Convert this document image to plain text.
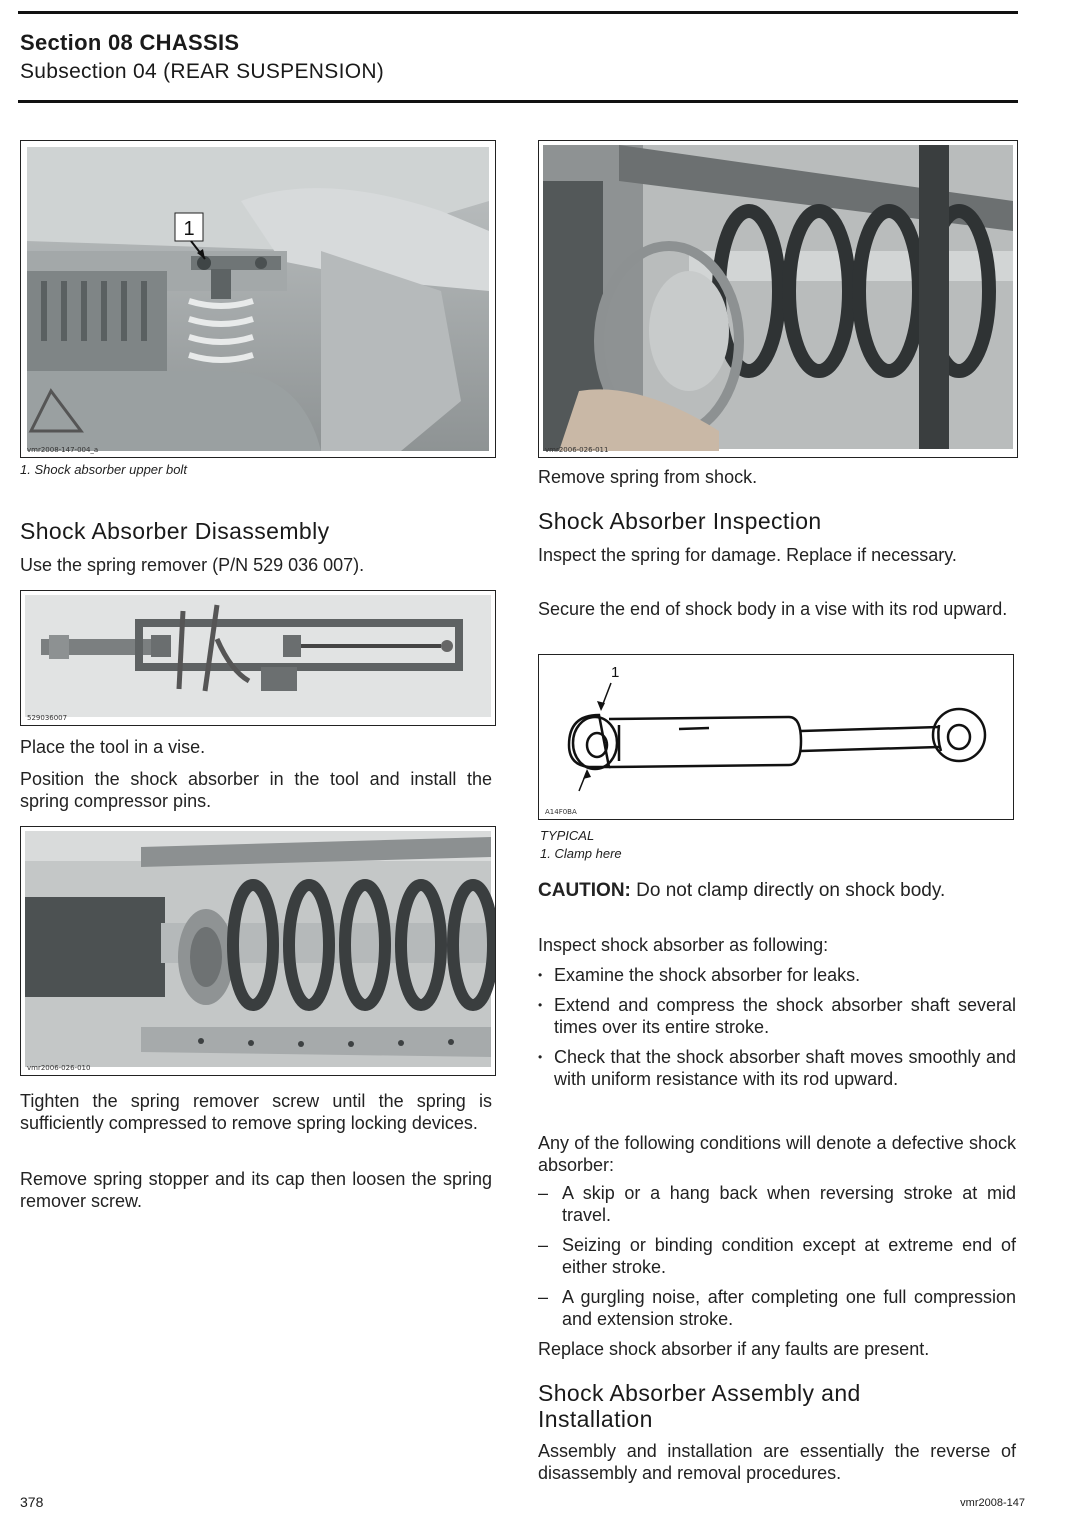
Section 08 CHASSIS
Subsection 04 (REAR SUSPENSION)
1
vmr2008-147-004_a
1. Shock absorber upper bolt
Shock Absorber Disassembly
Use the spring remover (P/N 529 036 007).
529036007
Place the tool in a vise.
Position the shock absorber in the tool and install the spring compressor pins.
vmr2006-026-010
Tighten the spring remover screw until the spring is sufficiently compressed to remove spring locking devices.
Remove spring stopper and its cap then loosen the spring remover screw.
vmr2006-026-011
Remove spring from shock.
Shock Absorber Inspection
Inspect the spring for damage. Replace if necessary.
Secure the end of shock body in a vise with its rod upward.
1
A14F0BA
TYPICAL
1. Clamp here
CAUTION: Do not clamp directly on shock body.
Inspect shock absorber as following:
• Examine the shock absorber for leaks.
• Extend and compress the shock absorber shaft several times over its entire stroke.
• Check that the shock absorber shaft moves smoothly and with uniform resistance with its rod upward.
Any of the following conditions will denote a defective shock absorber:
– A skip or a hang back when reversing stroke at mid travel.
– Seizing or binding condition except at extreme end of either stroke.
– A gurgling noise, after completing one full compression and extension stroke.
Replace shock absorber if any faults are present.
Shock Absorber Assembly and Installation
Assembly and installation are essentially the reverse of disassembly and removal procedures.
378	vmr2008-147
